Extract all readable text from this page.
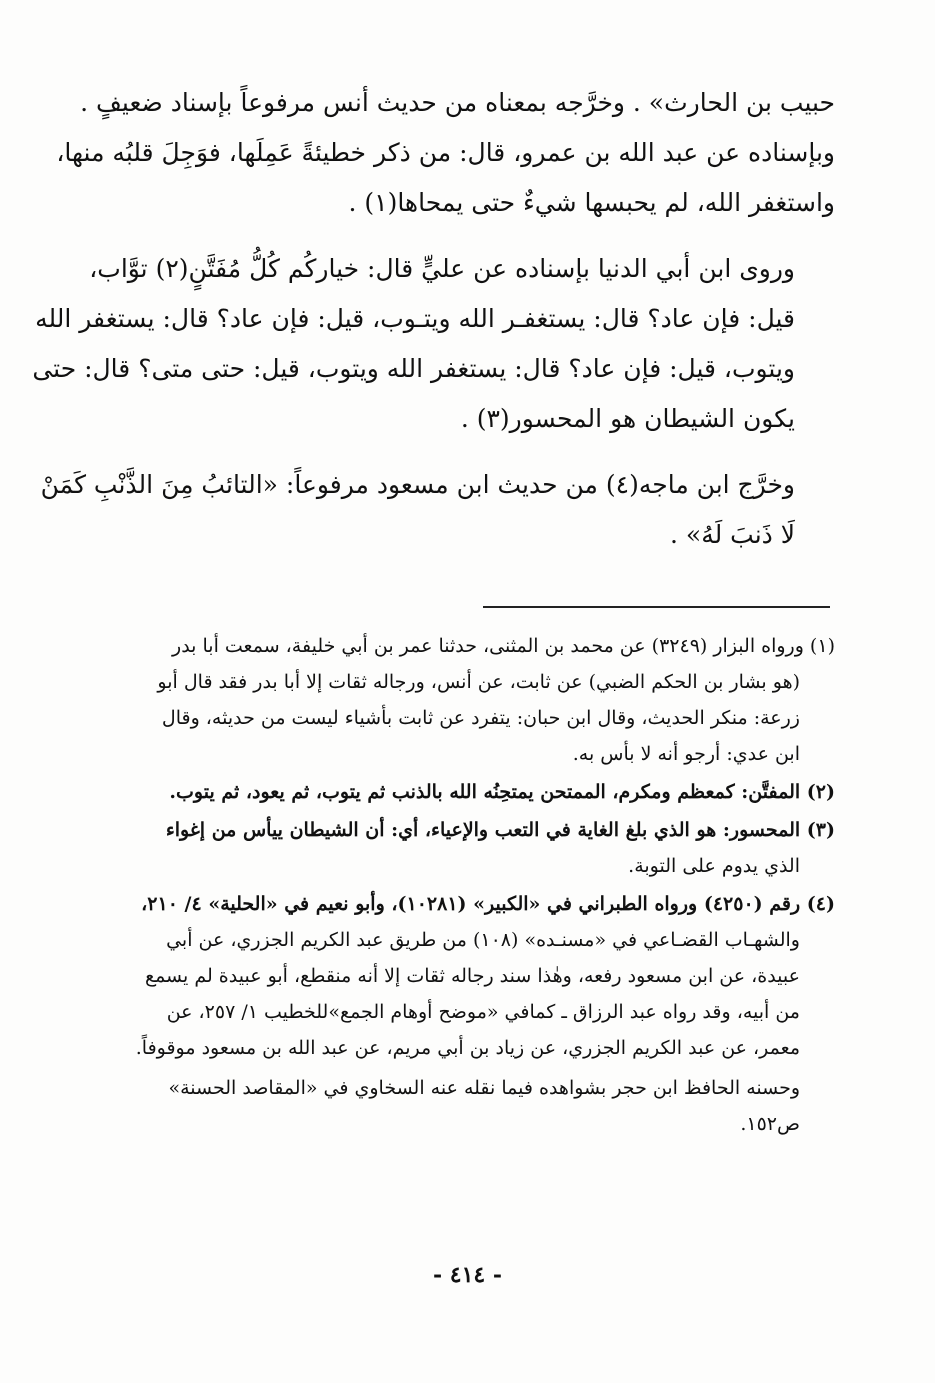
حبيب بن الحارث» . وخرَّجه بمعناه من حديث أنس مرفوعاً بإسناد ضعيفٍ .
وبإسناده عن عبد الله بن عمرو، قال: من ذكر خطيئةً عَمِلَها، فوَجِلَ قلبُه منها،
واستغفر الله، لم يحبسها شيءٌ حتى يمحاها(١) .

وروى ابن أبي الدنيا بإسناده عن عليٍّ قال: خياركُم كُلُّ مُفَتَّنٍ(٢) توَّاب،
قيل: فإن عاد؟ قال: يستغفـر الله ويتـوب، قيل: فإن عاد؟ قال: يستغفر الله
ويتوب، قيل: فإن عاد؟ قال: يستغفر الله ويتوب، قيل: حتى متى؟ قال: حتى
يكون الشيطان هو المحسور(٣) .

وخرَّج ابن ماجه(٤) من حديث ابن مسعود مرفوعاً: «التائبُ مِنَ الذَّنْبِ كَمَنْ
لَا ذَنبَ لَهُ» .

(١) ورواه البزار (٣٢٤٩) عن محمد بن المثنى، حدثنا عمر بن أبي خليفة، سمعت أبا بدر
(هو بشار بن الحكم الضبي) عن ثابت، عن أنس، ورجاله ثقات إلا أبا بدر فقد قال أبو
زرعة: منكر الحديث، وقال ابن حبان: يتفرد عن ثابت بأشياء ليست من حديثه، وقال
ابن عدي: أرجو أنه لا بأس به.
(٢) المفتَّن: كمعظم ومكرم، الممتحن يمتحِنُه الله بالذنب ثم يتوب، ثم يعود، ثم يتوب.
(٣) المحسور: هو الذي بلغ الغاية في التعب والإعياء، أي: أن الشيطان ييأس من إغواء
الذي يدوم على التوبة.
(٤) رقم (٤٢٥٠) ورواه الطبراني في «الكبير» (١٠٢٨١)، وأبو نعيم في «الحلية» ٤/ ٢١٠،
والشهـاب القضـاعي في «مسنـده» (١٠٨) من طريق عبد الكريم الجزري، عن أبي
عبيدة، عن ابن مسعود رفعه، وهٰذا سند رجاله ثقات إلا أنه منقطع، أبو عبيدة لم يسمع
من أبيه، وقد رواه عبد الرزاق ـ كمافي «موضح أوهام الجمع»للخطيب ١/ ٢٥٧، عن
معمر، عن عبد الكريم الجزري، عن زياد بن أبي مريم، عن عبد الله بن مسعود موقوفاً.
وحسنه الحافظ ابن حجر بشواهده فيما نقله عنه السخاوي في «المقاصد الحسنة»
ص١٥٢.
- ٤١٤ -
